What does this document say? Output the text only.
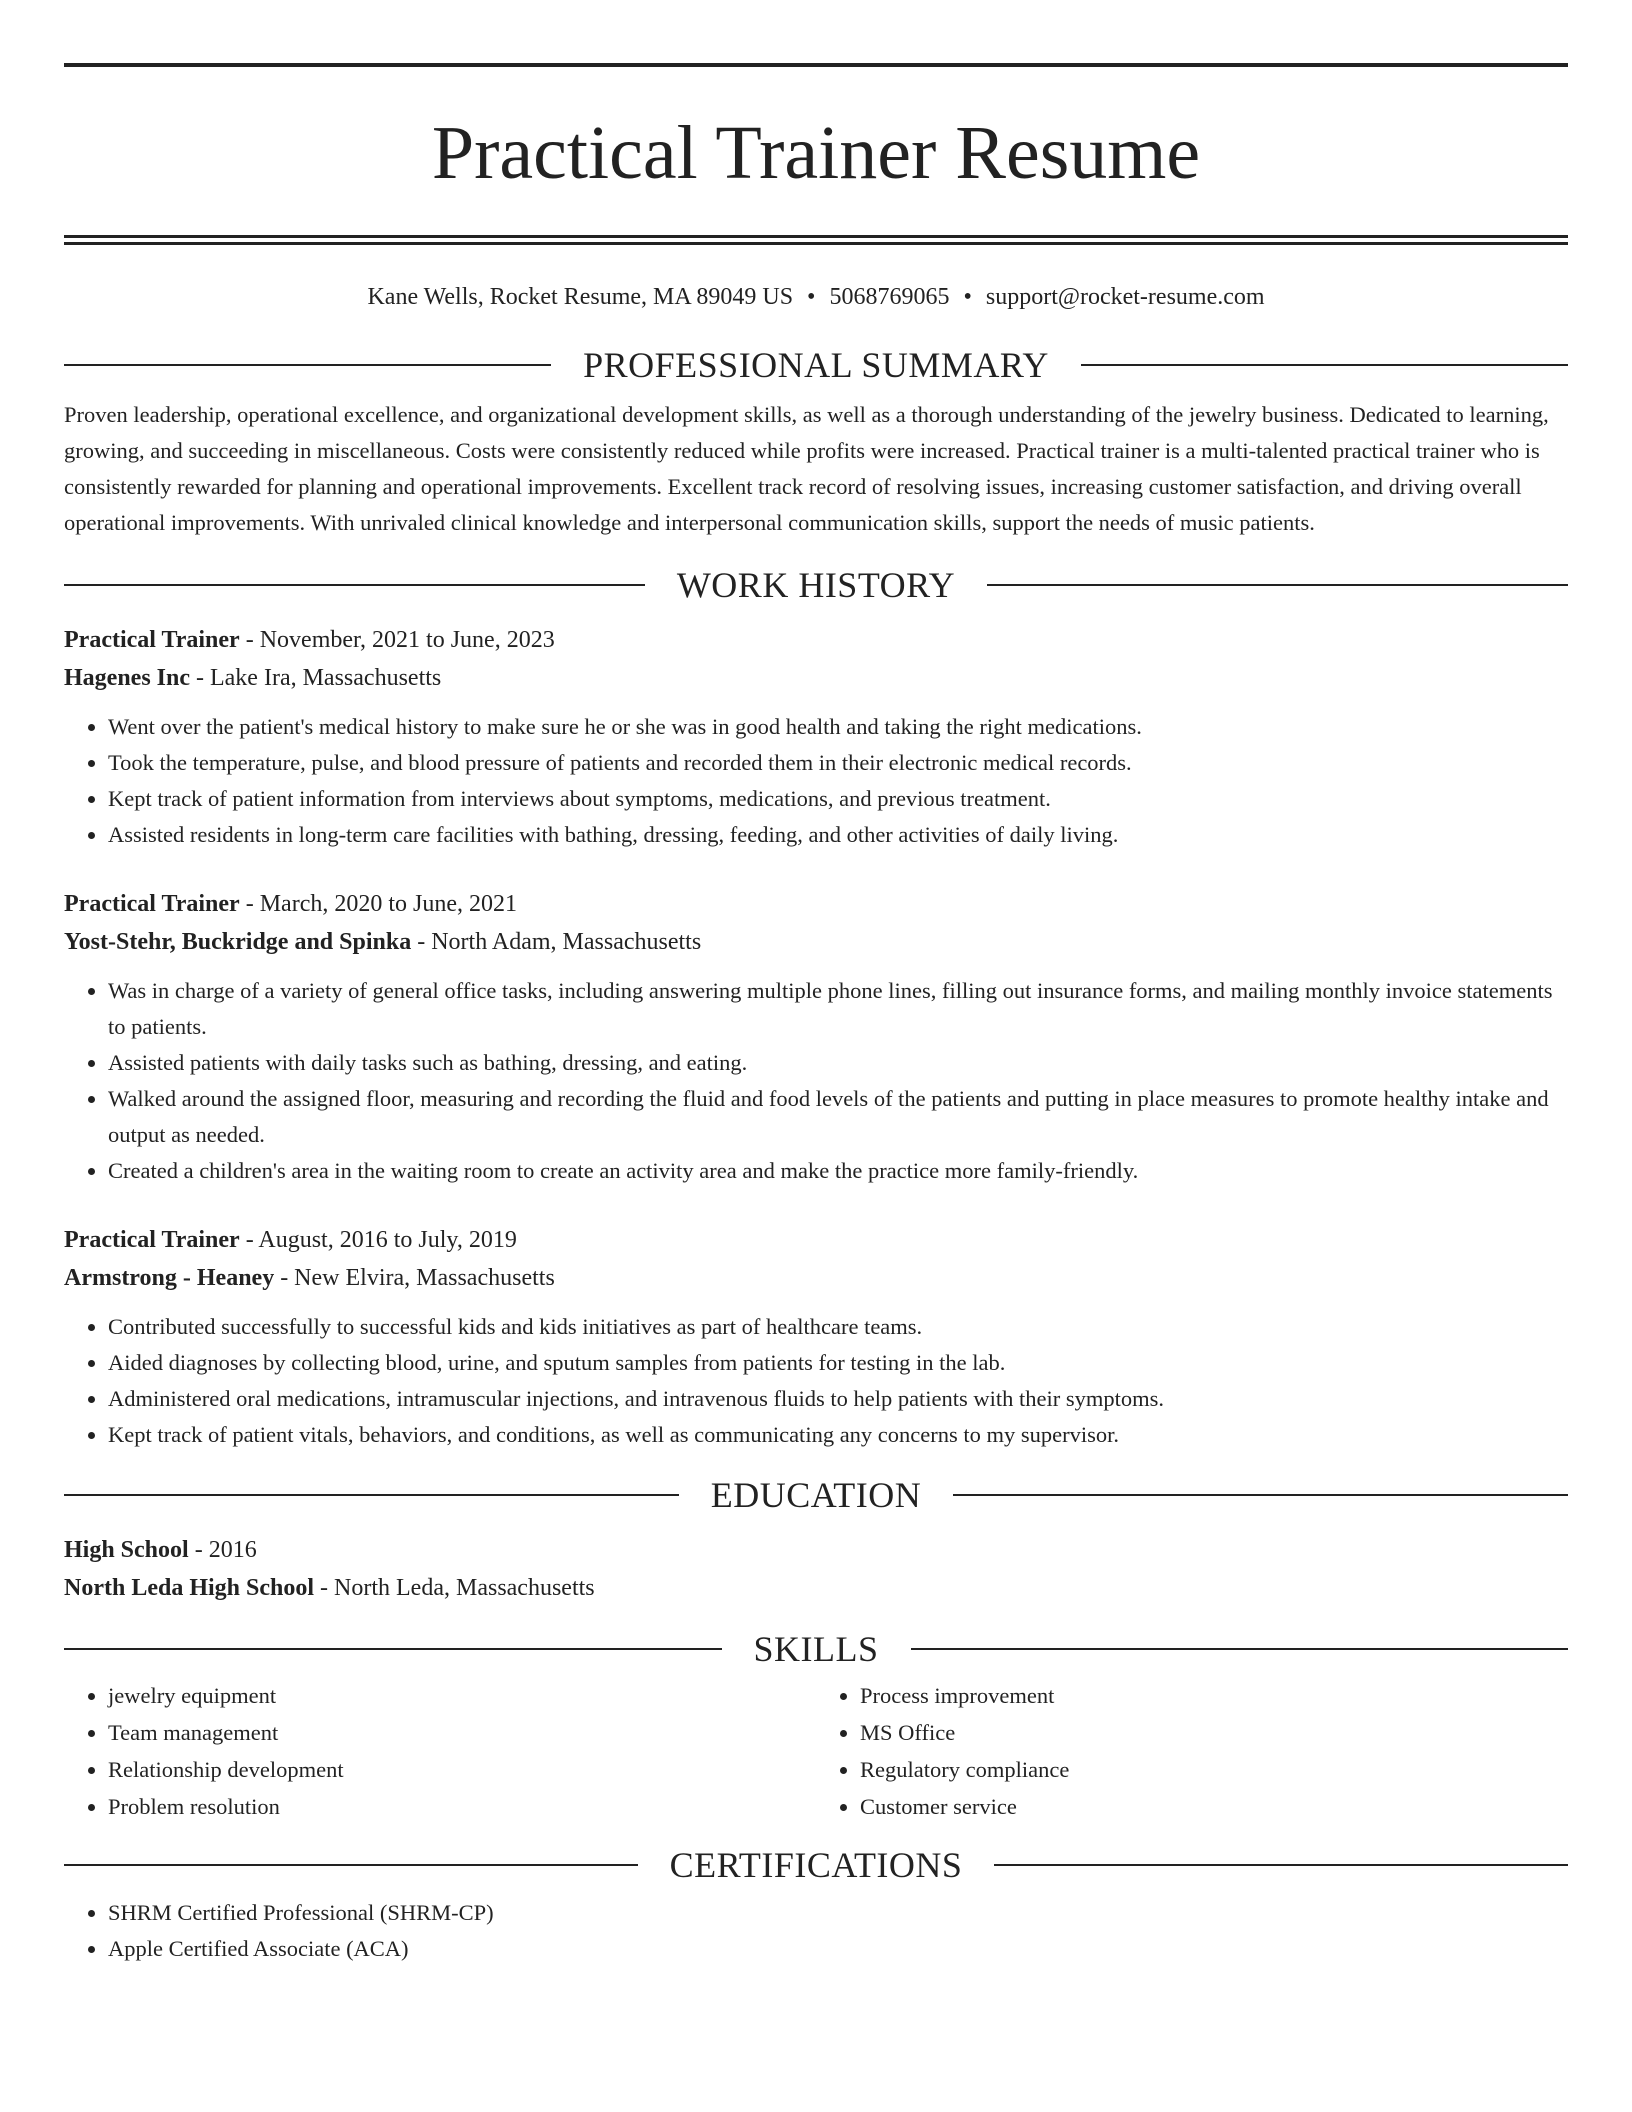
Practical Trainer Resume
Kane Wells, Rocket Resume, MA 89049 US • 5068769065 • support@rocket-resume.com
PROFESSIONAL SUMMARY

Proven leadership, operational excellence, and organizational development skills, as well as a thorough understanding of the jewelry business. Dedicated to learning, growing, and succeeding in miscellaneous. Costs were consistently reduced while profits were increased. Practical trainer is a multi-talented practical trainer who is consistently rewarded for planning and operational improvements. Excellent track record of resolving issues, increasing customer satisfaction, and driving overall operational improvements. With unrivaled clinical knowledge and interpersonal communication skills, support the needs of music patients.

WORK HISTORY
Practical Trainer - November, 2021 to June, 2023
Hagenes Inc - Lake Ira, Massachusetts
• Went over the patient's medical history to make sure he or she was in good health and taking the right medications.
• Took the temperature, pulse, and blood pressure of patients and recorded them in their electronic medical records.
• Kept track of patient information from interviews about symptoms, medications, and previous treatment.
• Assisted residents in long-term care facilities with bathing, dressing, feeding, and other activities of daily living.
Practical Trainer - March, 2020 to June, 2021
Yost-Stehr, Buckridge and Spinka - North Adam, Massachusetts
• Was in charge of a variety of general office tasks, including answering multiple phone lines, filling out insurance forms, and mailing monthly invoice statements to patients.
• Assisted patients with daily tasks such as bathing, dressing, and eating.
• Walked around the assigned floor, measuring and recording the fluid and food levels of the patients and putting in place measures to promote healthy intake and output as needed.
• Created a children's area in the waiting room to create an activity area and make the practice more family-friendly.
Practical Trainer - August, 2016 to July, 2019
Armstrong - Heaney - New Elvira, Massachusetts
• Contributed successfully to successful kids and kids initiatives as part of healthcare teams.
• Aided diagnoses by collecting blood, urine, and sputum samples from patients for testing in the lab.
• Administered oral medications, intramuscular injections, and intravenous fluids to help patients with their symptoms.
• Kept track of patient vitals, behaviors, and conditions, as well as communicating any concerns to my supervisor.
EDUCATION
High School - 2016
North Leda High School - North Leda, Massachusetts
SKILLS
• jewelry equipment
• Team management
• Relationship development
• Problem resolution
• Process improvement
• MS Office
• Regulatory compliance
• Customer service
CERTIFICATIONS
• SHRM Certified Professional (SHRM-CP)
• Apple Certified Associate (ACA)
